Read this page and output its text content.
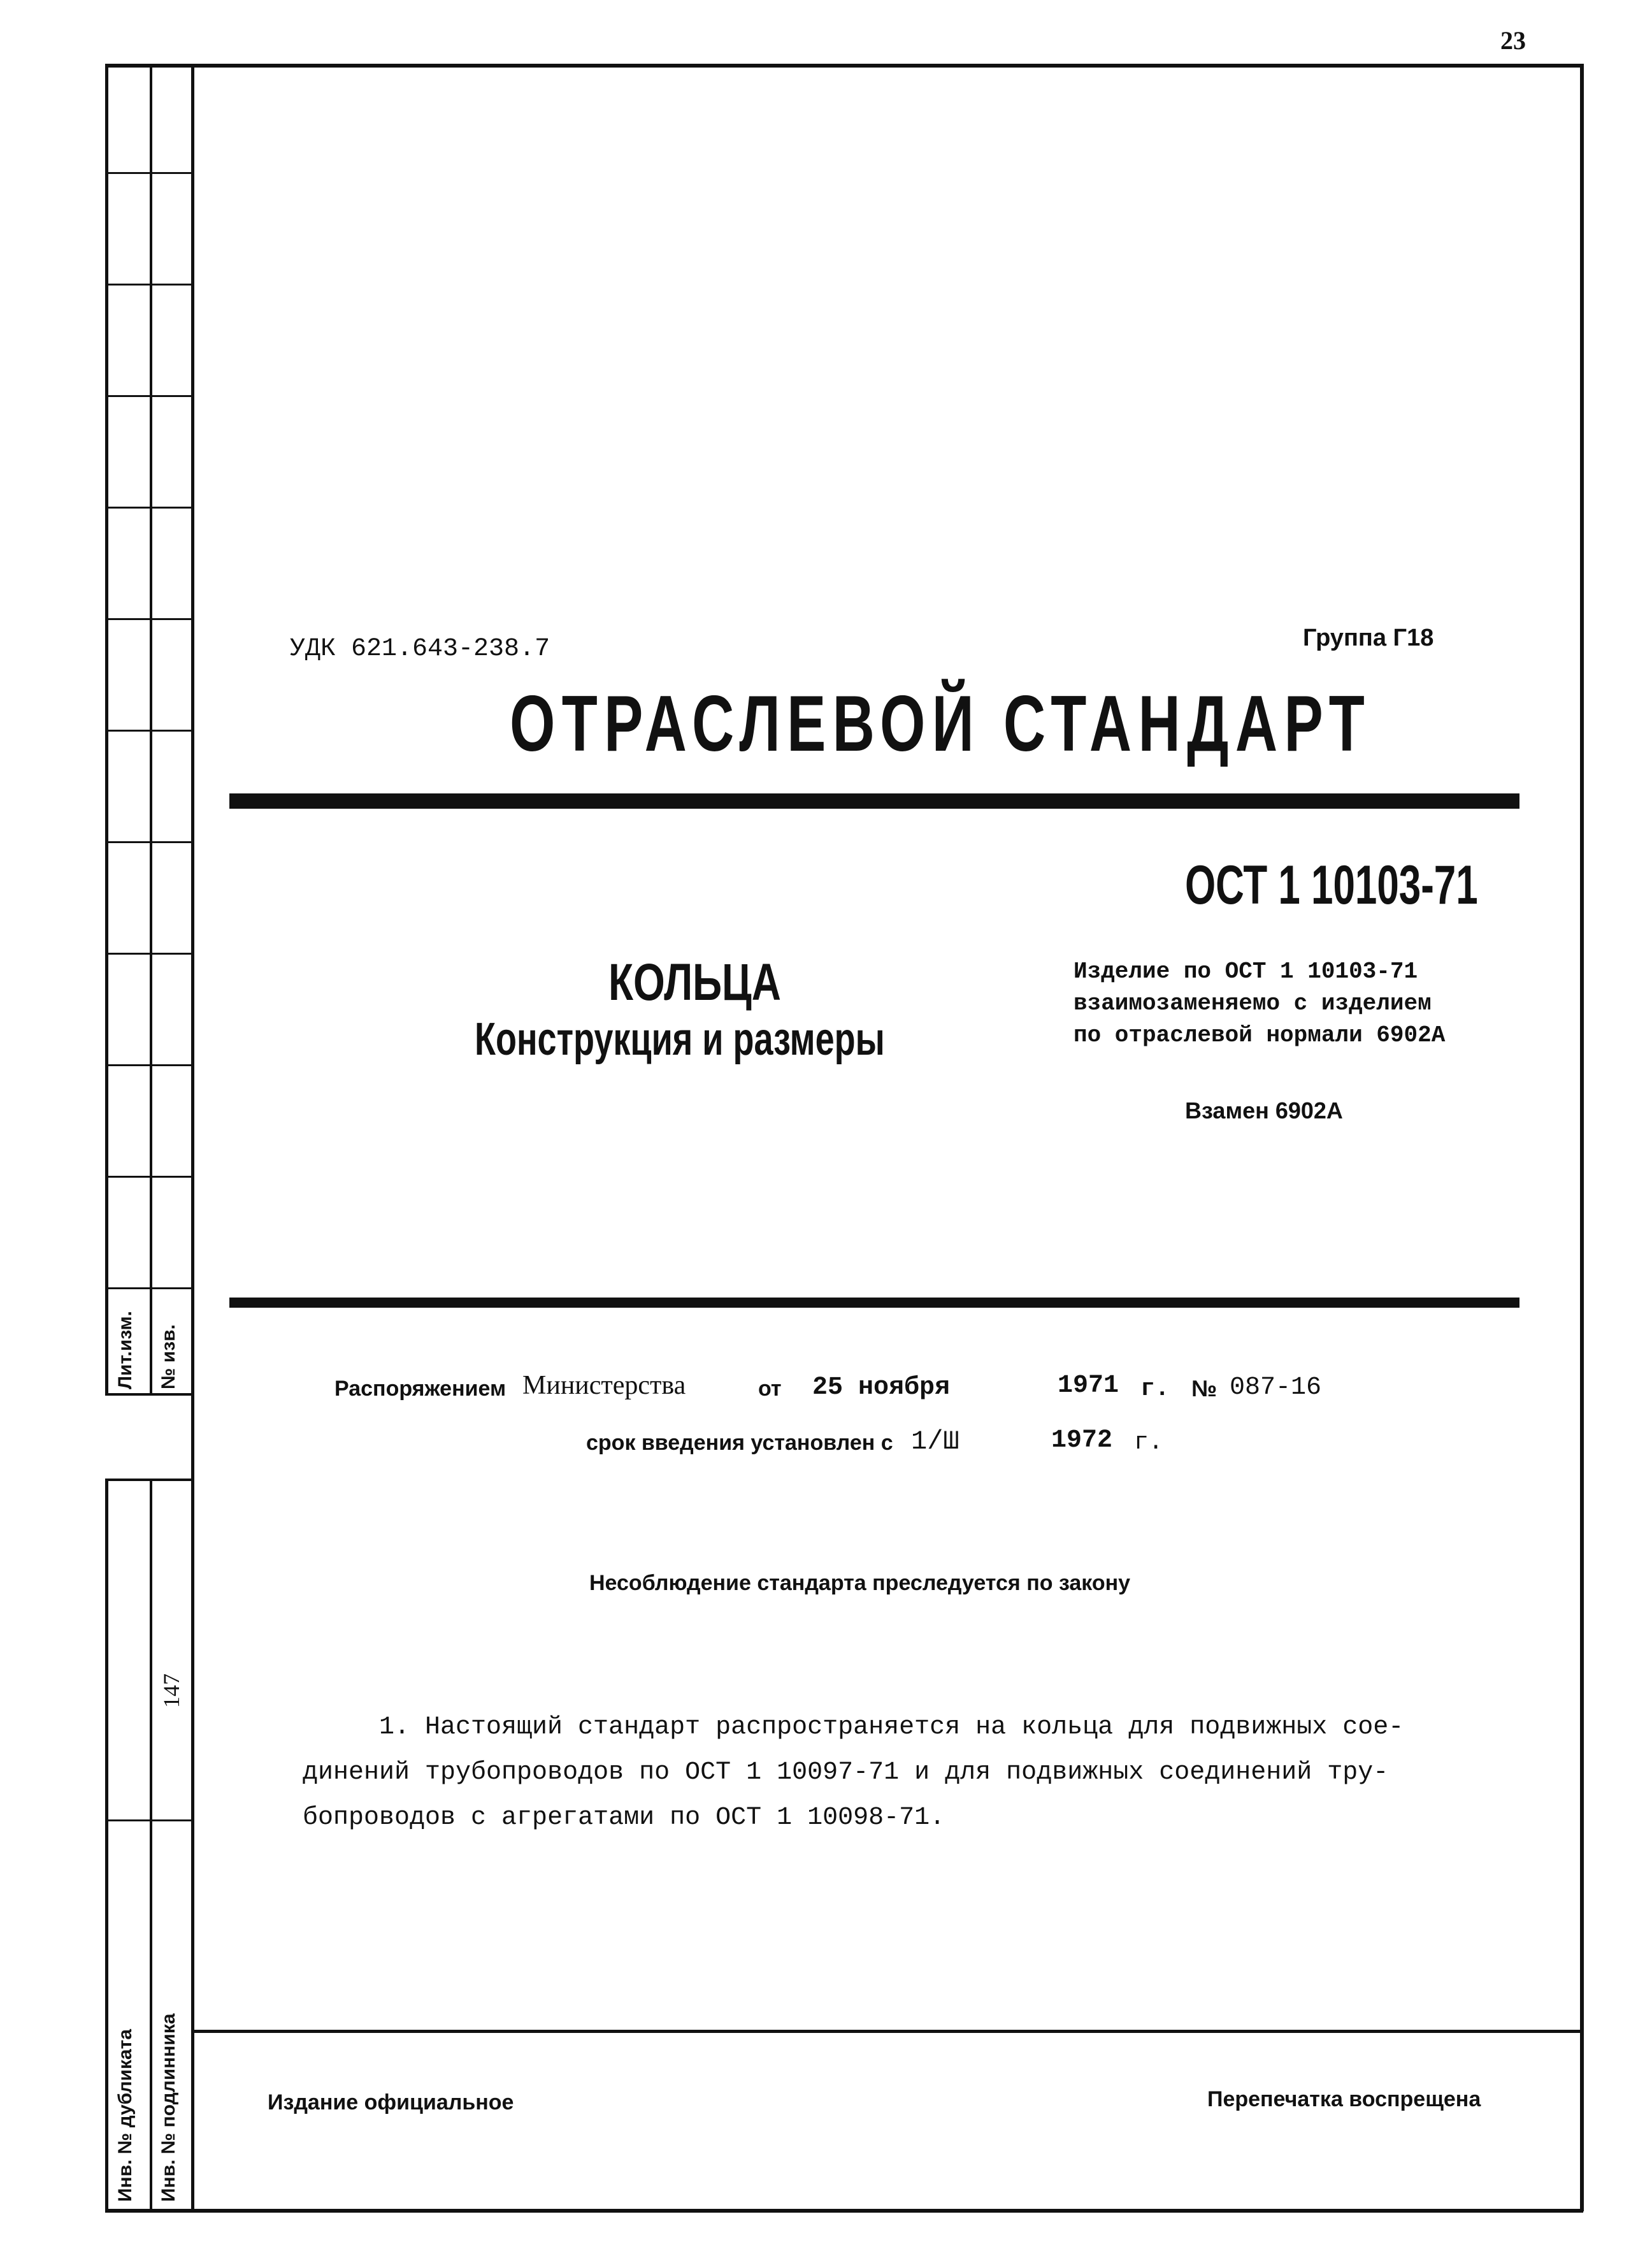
23
Лит.изм. № изв.
147
Инв. № дубликата Инв. № подлинника
УДК 621.643-238.7	Группа Г18
ОТРАСЛЕВОЙ СТАНДАРТ
ОСТ 1 10103-71
КОЛЬЦА
Конструкция и размеры
Изделие по ОСТ 1 10103-71
взаимозаменяемо с изделием
по отраслевой нормали 6902А
Взамен 6902А
Распоряжением Министерства	от 25 ноября	1971 г. № 087-16
срок введения установлен с 1/Ш	1972 г.
Несоблюдение стандарта преследуется по закону
1. Настоящий стандарт распространяется на кольца для подвижных сое-
динений трубопроводов по ОСТ 1 10097-71 и для подвижных соединений тру-
бопроводов с агрегатами по ОСТ 1 10098-71.
Издание официальное	Перепечатка воспрещена
